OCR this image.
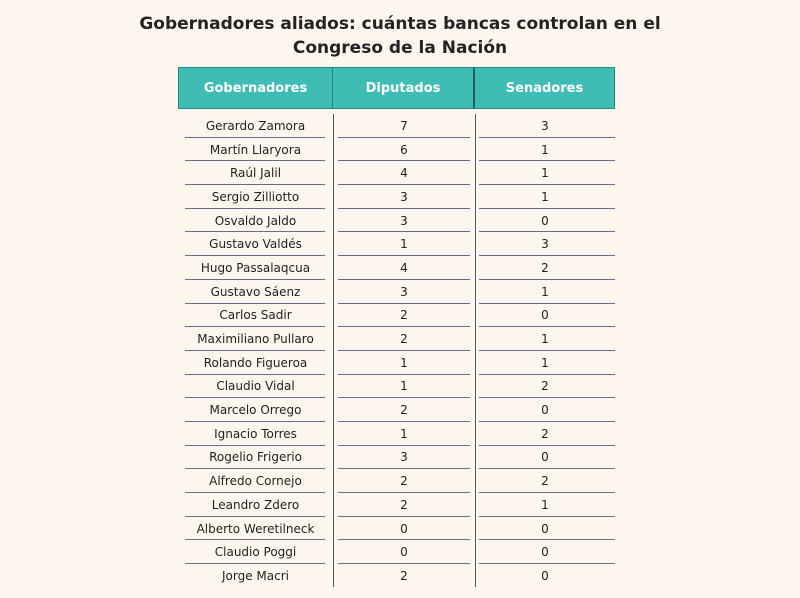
Gobernadores aliados: cuántas bancas controlan en el
Congreso de la Nación
Gobernadores	Diputados	Senadores
Gerardo Zamora	7	3
Martín Llaryora	6	1
Raúl Jalil	4	1
Sergio Zilliotto	3	1
Osvaldo Jaldo	3	0
Gustavo Valdés	1	3
Hugo Passalaqcua	4	2
Gustavo Sáenz	3	1
Carlos Sadir	2	0
Maximiliano Pullaro	2	1
Rolando Figueroa	1	1
Claudio Vidal	1	2
Marcelo Orrego	2	0
Ignacio Torres	1	2
Rogelio Frigerio	3	0
Alfredo Cornejo	2	2
Leandro Zdero	2	1
Alberto Weretilneck	0	0
Claudio Poggi	0	0
Jorge Macri	2	0
